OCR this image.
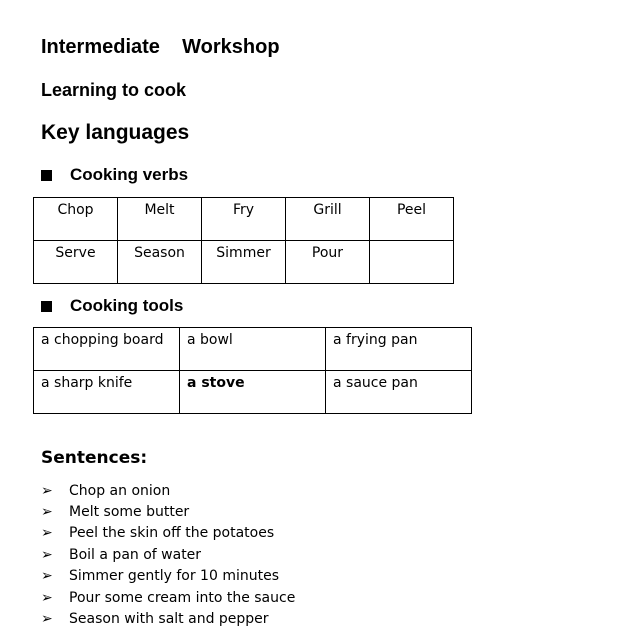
Intermediate    Workshop
Learning to cook
Key languages
Cooking verbs
Chop	Melt	Fry	Grill	Peel
Serve	Season	Simmer	Pour	
Cooking tools
a chopping board	a bowl	a frying pan
a sharp knife	a stove	a sauce pan
Sentences:
➢	Chop an onion
➢	Melt some butter
➢	Peel the skin off the potatoes
➢	Boil a pan of water
➢	Simmer gently for 10 minutes
➢	Pour some cream into the sauce
➢	Season with salt and pepper
